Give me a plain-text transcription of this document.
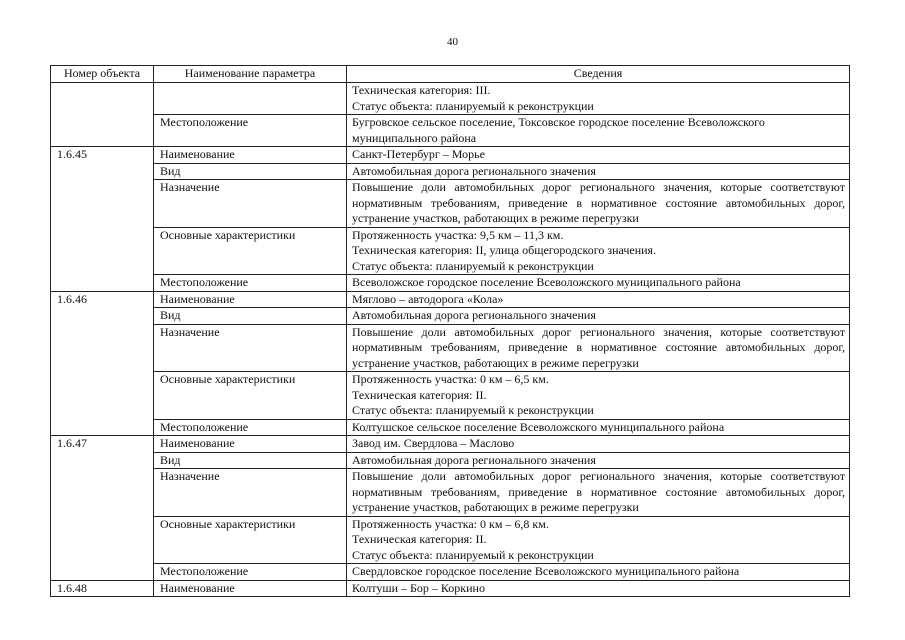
40
Номер объекта	Наименование параметра	Сведения

		Техническая категория: III.
Статус объекта: планируемый к реконструкции

	Местоположение	Бугровское сельское поселение, Токсовское городское поселение Всеволожского муниципального района

1.6.45	Наименование	Санкт-Петербург – Морье

	Вид	Автомобильная дорога регионального значения

	Назначение	Повышение доли автомобильных дорог регионального значения, которые соответствуют нормативным требованиям, приведение в нормативное состояние автомобильных дорог, устранение участков, работающих в режиме перегрузки

	Основные характеристики	Протяженность участка: 9,5 км – 11,3 км.
Техническая категория: II, улица общегородского значения.
Статус объекта: планируемый к реконструкции

	Местоположение	Всеволожское городское поселение Всеволожского муниципального района

1.6.46	Наименование	Мяглово – автодорога «Кола»

	Вид	Автомобильная дорога регионального значения

	Назначение	Повышение доли автомобильных дорог регионального значения, которые соответствуют нормативным требованиям, приведение в нормативное состояние автомобильных дорог, устранение участков, работающих в режиме перегрузки

	Основные характеристики	Протяженность участка: 0 км – 6,5 км.
Техническая категория: II.
Статус объекта: планируемый к реконструкции

	Местоположение	Колтушское сельское поселение Всеволожского муниципального района

1.6.47	Наименование	Завод им. Свердлова – Маслово

	Вид	Автомобильная дорога регионального значения

	Назначение	Повышение доли автомобильных дорог регионального значения, которые соответствуют нормативным требованиям, приведение в нормативное состояние автомобильных дорог, устранение участков, работающих в режиме перегрузки

	Основные характеристики	Протяженность участка: 0 км – 6,8 км.
Техническая категория: II.
Статус объекта: планируемый к реконструкции

	Местоположение	Свердловское городское поселение Всеволожского муниципального района

1.6.48	Наименование	Колтуши – Бор – Коркино
